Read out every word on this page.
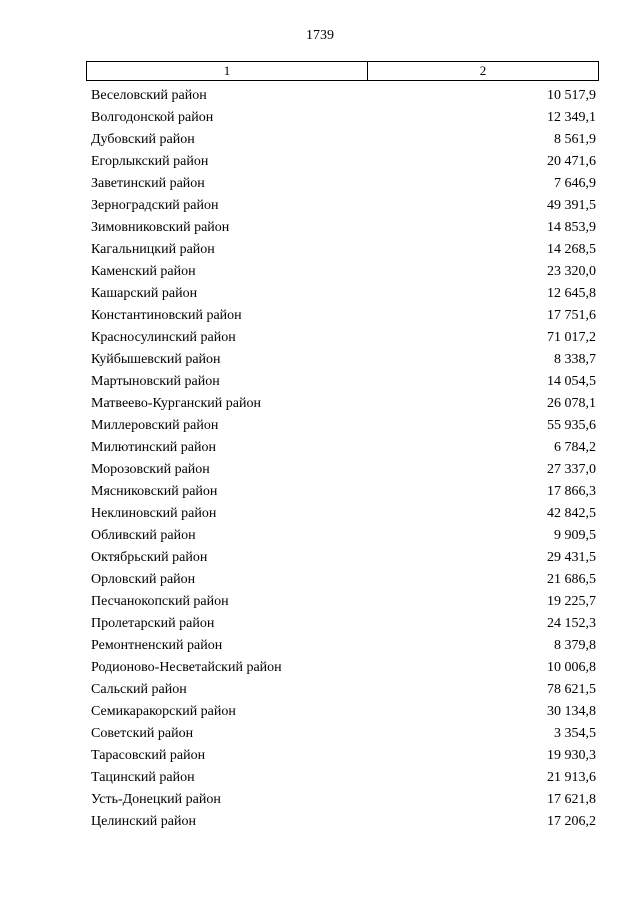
1739
1	2
Веселовский район	10 517,9
Волгодонской район	12 349,1
Дубовский район	8 561,9
Егорлыкский район	20 471,6
Заветинский район	7 646,9
Зерноградский район	49 391,5
Зимовниковский район	14 853,9
Кагальницкий район	14 268,5
Каменский район	23 320,0
Кашарский район	12 645,8
Константиновский район	17 751,6
Красносулинский район	71 017,2
Куйбышевский район	8 338,7
Мартыновский район	14 054,5
Матвеево-Курганский район	26 078,1
Миллеровский район	55 935,6
Милютинский район	6 784,2
Морозовский район	27 337,0
Мясниковский район	17 866,3
Неклиновский район	42 842,5
Обливский район	9 909,5
Октябрьский район	29 431,5
Орловский район	21 686,5
Песчанокопский район	19 225,7
Пролетарский район	24 152,3
Ремонтненский район	8 379,8
Родионово-Несветайский район	10 006,8
Сальский район	78 621,5
Семикаракорский район	30 134,8
Советский район	3 354,5
Тарасовский район	19 930,3
Тацинский район	21 913,6
Усть-Донецкий район	17 621,8
Целинский район	17 206,2
